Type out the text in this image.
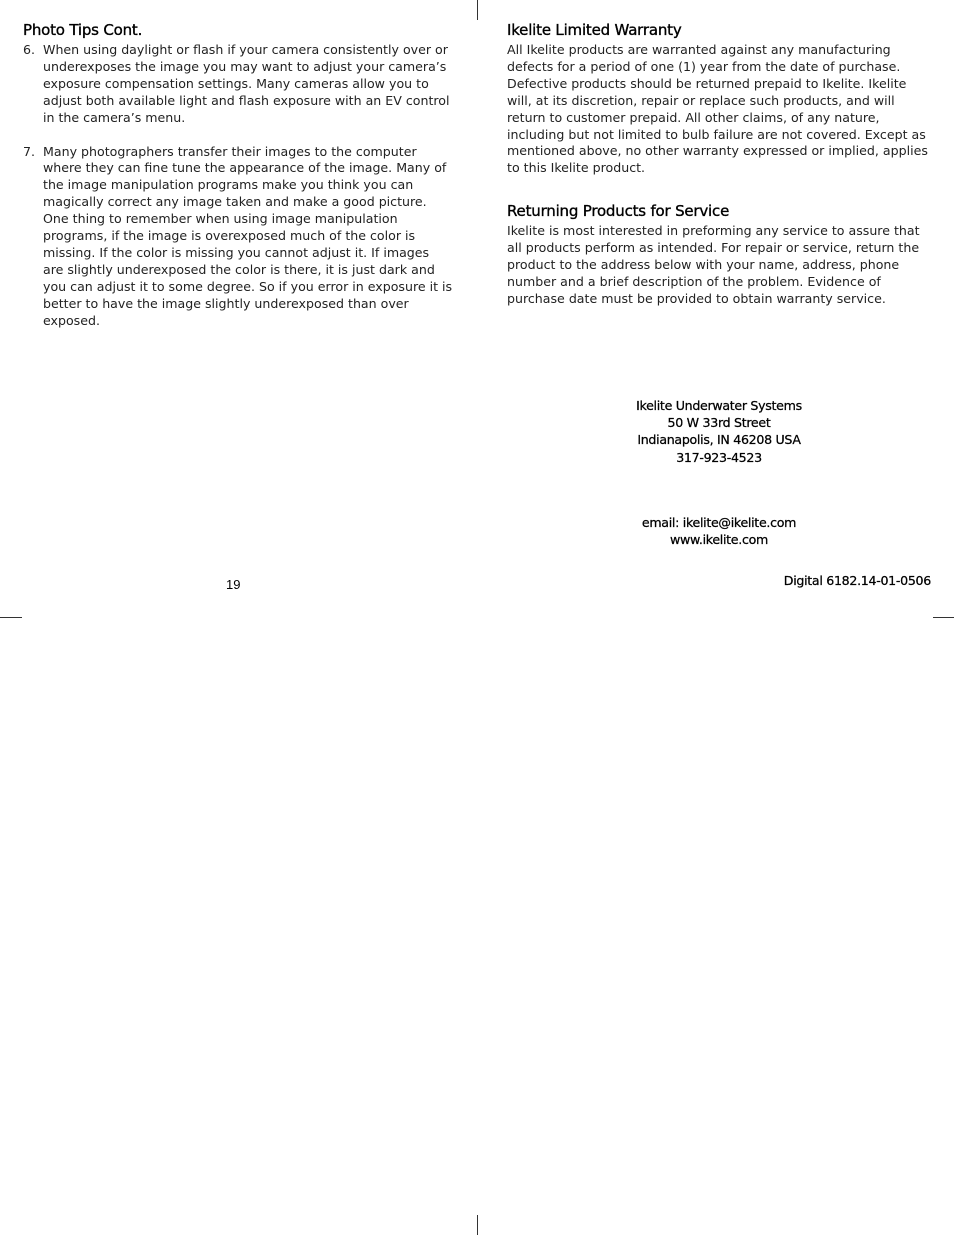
Photo Tips Cont.
6. When using daylight or flash if your camera consistently over or underexposes the image you may want to adjust your camera’s exposure compensation settings. Many cameras allow you to adjust both available light and flash exposure with an EV control in the camera’s menu.
7. Many photographers transfer their images to the computer where they can fine tune the appearance of the image. Many of the image manipulation programs make you think you can magically correct any image taken and make a good picture. One thing to remember when using image manipulation programs, if the image is overexposed much of the color is missing. If the color is missing you cannot adjust it. If images are slightly underexposed the color is there, it is just dark and you can adjust it to some degree. So if you error in exposure it is better to have the image slightly underexposed than over exposed.
Ikelite Limited Warranty

All Ikelite products are warranted against any manufacturing defects for a period of one (1) year from the date of purchase. Defective products should be returned prepaid to Ikelite. Ikelite will, at its discretion, repair or replace such products, and will return to customer prepaid. All other claims, of any nature, including but not limited to bulb failure are not covered. Except as mentioned above, no other warranty expressed or implied, applies to this Ikelite product.

Returning Products for Service

Ikelite is most interested in preforming any service to assure that all products perform as intended. For repair or service, return the product to the address below with your name, address, phone number and a brief description of the problem. Evidence of purchase date must be provided to obtain warranty service.

Ikelite Underwater Systems
50 W 33rd Street
Indianapolis, IN 46208 USA
317-923-4523
email: ikelite@ikelite.com
www.ikelite.com
19	Digital 6182.14-01-0506
